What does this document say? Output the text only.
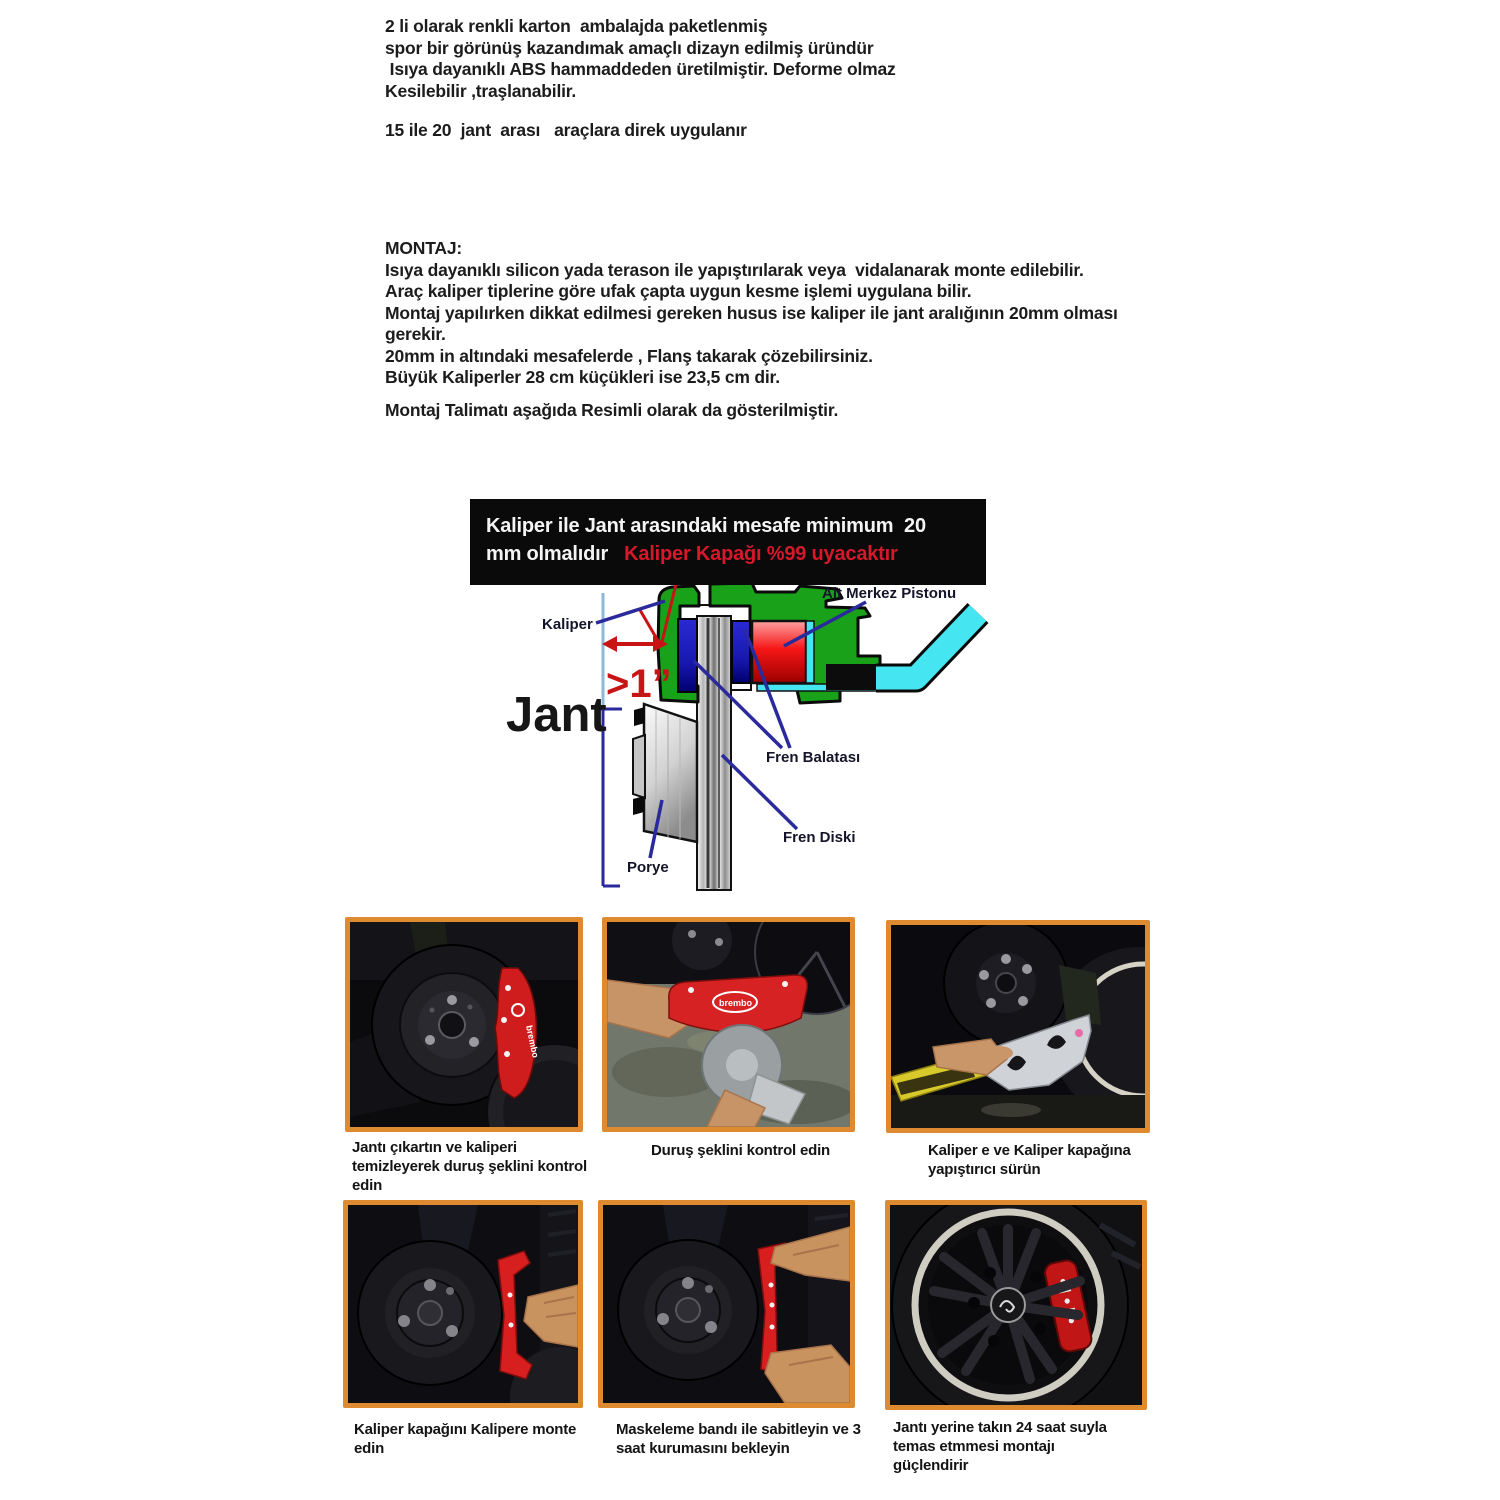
2 li olarak renkli karton  ambalajda paketlenmiş
spor bir görünüş kazandımak amaçlı dizayn edilmiş üründür
Isıya dayanıklı ABS hammaddeden üretilmiştir. Deforme olmaz
Kesilebilir ,traşlanabilir.
15 ile 20  jant  arası   araçlara direk uygulanır
MONTAJ:
Isıya dayanıklı silicon yada terason ile yapıştırılarak veya  vidalanarak monte edilebilir.
Araç kaliper tiplerine göre ufak çapta uygun kesme işlemi uygulana bilir.
Montaj yapılırken dikkat edilmesi gereken husus ise kaliper ile jant aralığının 20mm olması
gerekir.
20mm in altındaki mesafelerde , Flanş takarak çözebilirsiniz.
Büyük Kaliperler 28 cm küçükleri ise 23,5 cm dir.
Montaj Talimatı aşağıda Resimli olarak da gösterilmiştir.
>1”
Jant
Kaliper
Alt Merkez Pistonu
Fren Balatası
Fren Diski
Porye
Kaliper ile Jant arasındaki mesafe minimum  20
mm olmalıdır   Kaliper Kapağı %99 uyacaktır
brembo
brembo
Jantı çıkartın ve kaliperi temizleyerek duruş şeklini kontrol edin
Duruş şeklini kontrol edin	Kaliper e ve Kaliper kapağına yapıştırıcı sürün
Kaliper kapağını Kalipere monte edin
Maskeleme bandı ile sabitleyin ve 3 saat kurumasını bekleyin
Jantı yerine takın 24 saat suyla temas etmmesi montajı güçlendirir
